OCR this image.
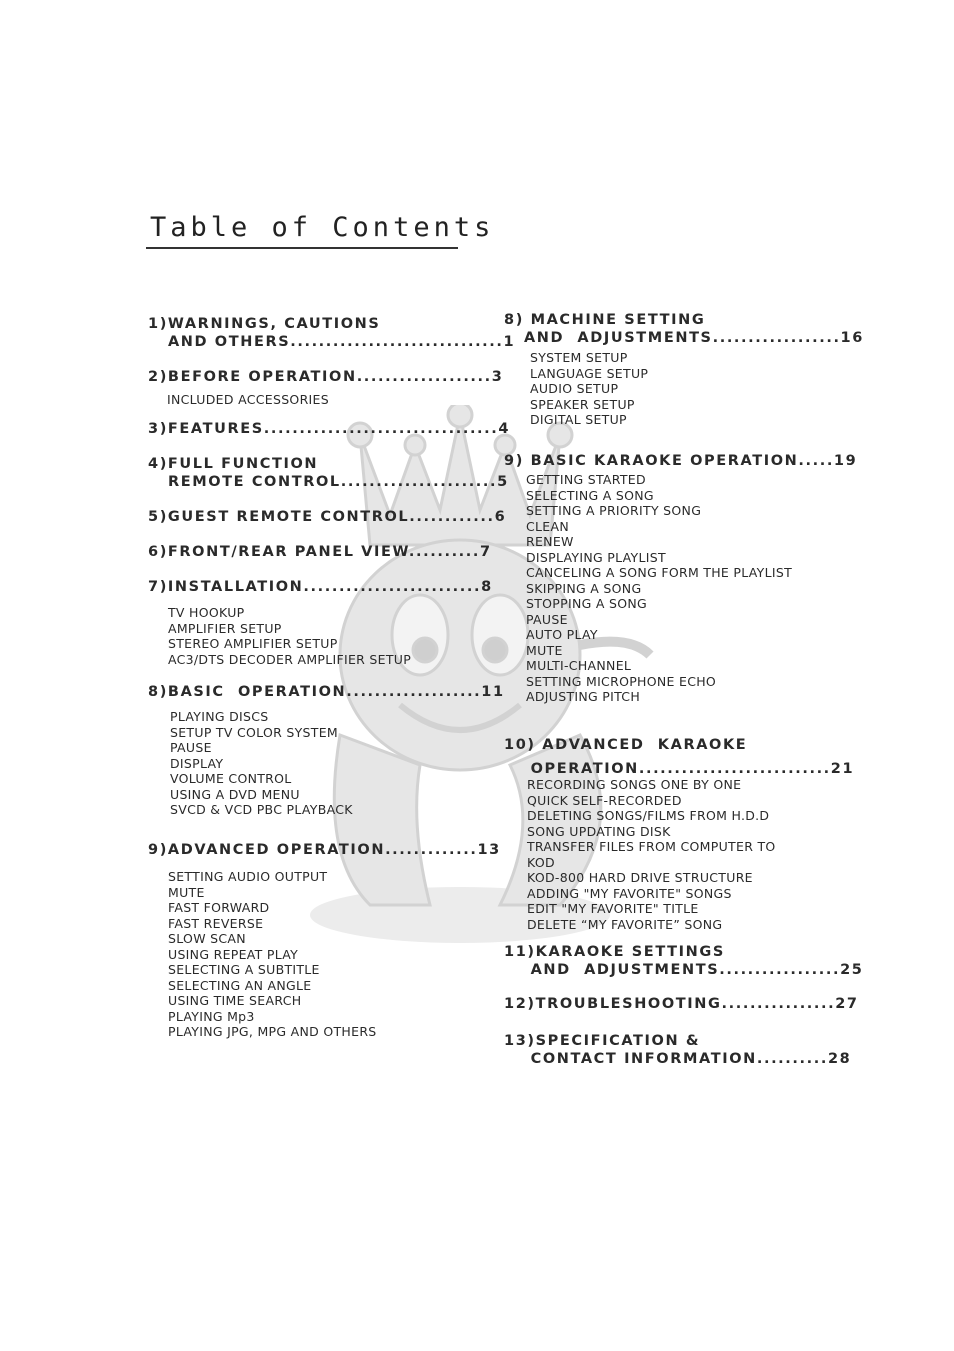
Table of Contents
1)WARNINGS, CAUTIONS
AND OTHERS..............................1
2)BEFORE OPERATION...................3
INCLUDED ACCESSORIES
3)FEATURES.................................4
4)FULL FUNCTION
REMOTE CONTROL......................5
5)GUEST REMOTE CONTROL............6
6)FRONT/REAR PANEL VIEW..........7
7)INSTALLATION.........................8
TV HOOKUP
AMPLIFIER SETUP
STEREO AMPLIFIER SETUP
AC3/DTS DECODER AMPLIFIER SETUP
8)BASIC  OPERATION...................11
PLAYING DISCS
SETUP TV COLOR SYSTEM
PAUSE
DISPLAY
VOLUME CONTROL
USING A DVD MENU
SVCD & VCD PBC PLAYBACK
9)ADVANCED OPERATION.............13
SETTING AUDIO OUTPUT
MUTE
FAST FORWARD
FAST REVERSE
SLOW SCAN
USING REPEAT PLAY
SELECTING A SUBTITLE
SELECTING AN ANGLE
USING TIME SEARCH
PLAYING Mp3
PLAYING JPG, MPG AND OTHERS
8) MACHINE SETTING
AND  ADJUSTMENTS..................16
SYSTEM SETUP
LANGUAGE SETUP
AUDIO SETUP
SPEAKER SETUP
DIGITAL SETUP
9) BASIC KARAOKE OPERATION.....19
GETTING STARTED
SELECTING A SONG
SETTING A PRIORITY SONG
CLEAN
RENEW
DISPLAYING PLAYLIST
CANCELING A SONG FORM THE PLAYLIST
SKIPPING A SONG
STOPPING A SONG
PAUSE
AUTO PLAY
MUTE
MULTI-CHANNEL
SETTING MICROPHONE ECHO
ADJUSTING PITCH
10) ADVANCED  KARAOKE
OPERATION...........................21
RECORDING SONGS ONE BY ONE
QUICK SELF-RECORDED
DELETING SONGS/FILMS FROM H.D.D
SONG UPDATING DISK
TRANSFER FILES FROM COMPUTER TO
KOD
KOD-800 HARD DRIVE STRUCTURE
ADDING "MY FAVORITE" SONGS
EDIT "MY FAVORITE" TITLE
DELETE “MY FAVORITE” SONG
11)KARAOKE SETTINGS
AND  ADJUSTMENTS.................25
12)TROUBLESHOOTING................27
13)SPECIFICATION &
CONTACT INFORMATION..........28
